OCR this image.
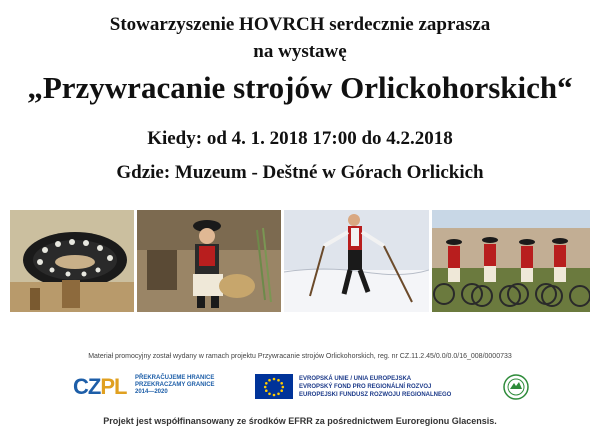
Stowarzyszenie HOVRCH serdecznie zaprasza
na wystawę
„Przywracanie strojów Orlickohorskich“
Kiedy: od 4. 1. 2018 17:00 do 4.2.2018
Gdzie: Muzeum - Deštné w Górach Orlickich
Materiał promocyjny został wydany w ramach projektu Przywracanie strojów Orlickohorskich, reg. nr CZ.11.2.45/0.0/0.0/16_008/0000733
CZPL PŘEKRAČUJEME HRANICE
PRZEKRACZAMY GRANICE
2014—2020
EVROPSKÁ UNIE / UNIA EUROPEJSKA
EVROPSKÝ FOND PRO REGIONÁLNÍ ROZVOJ
EUROPEJSKI FUNDUSZ ROZWOJU REGIONALNEGO
Projekt jest współfinansowany ze środków EFRR za pośrednictwem Euroregionu Glacensis.
